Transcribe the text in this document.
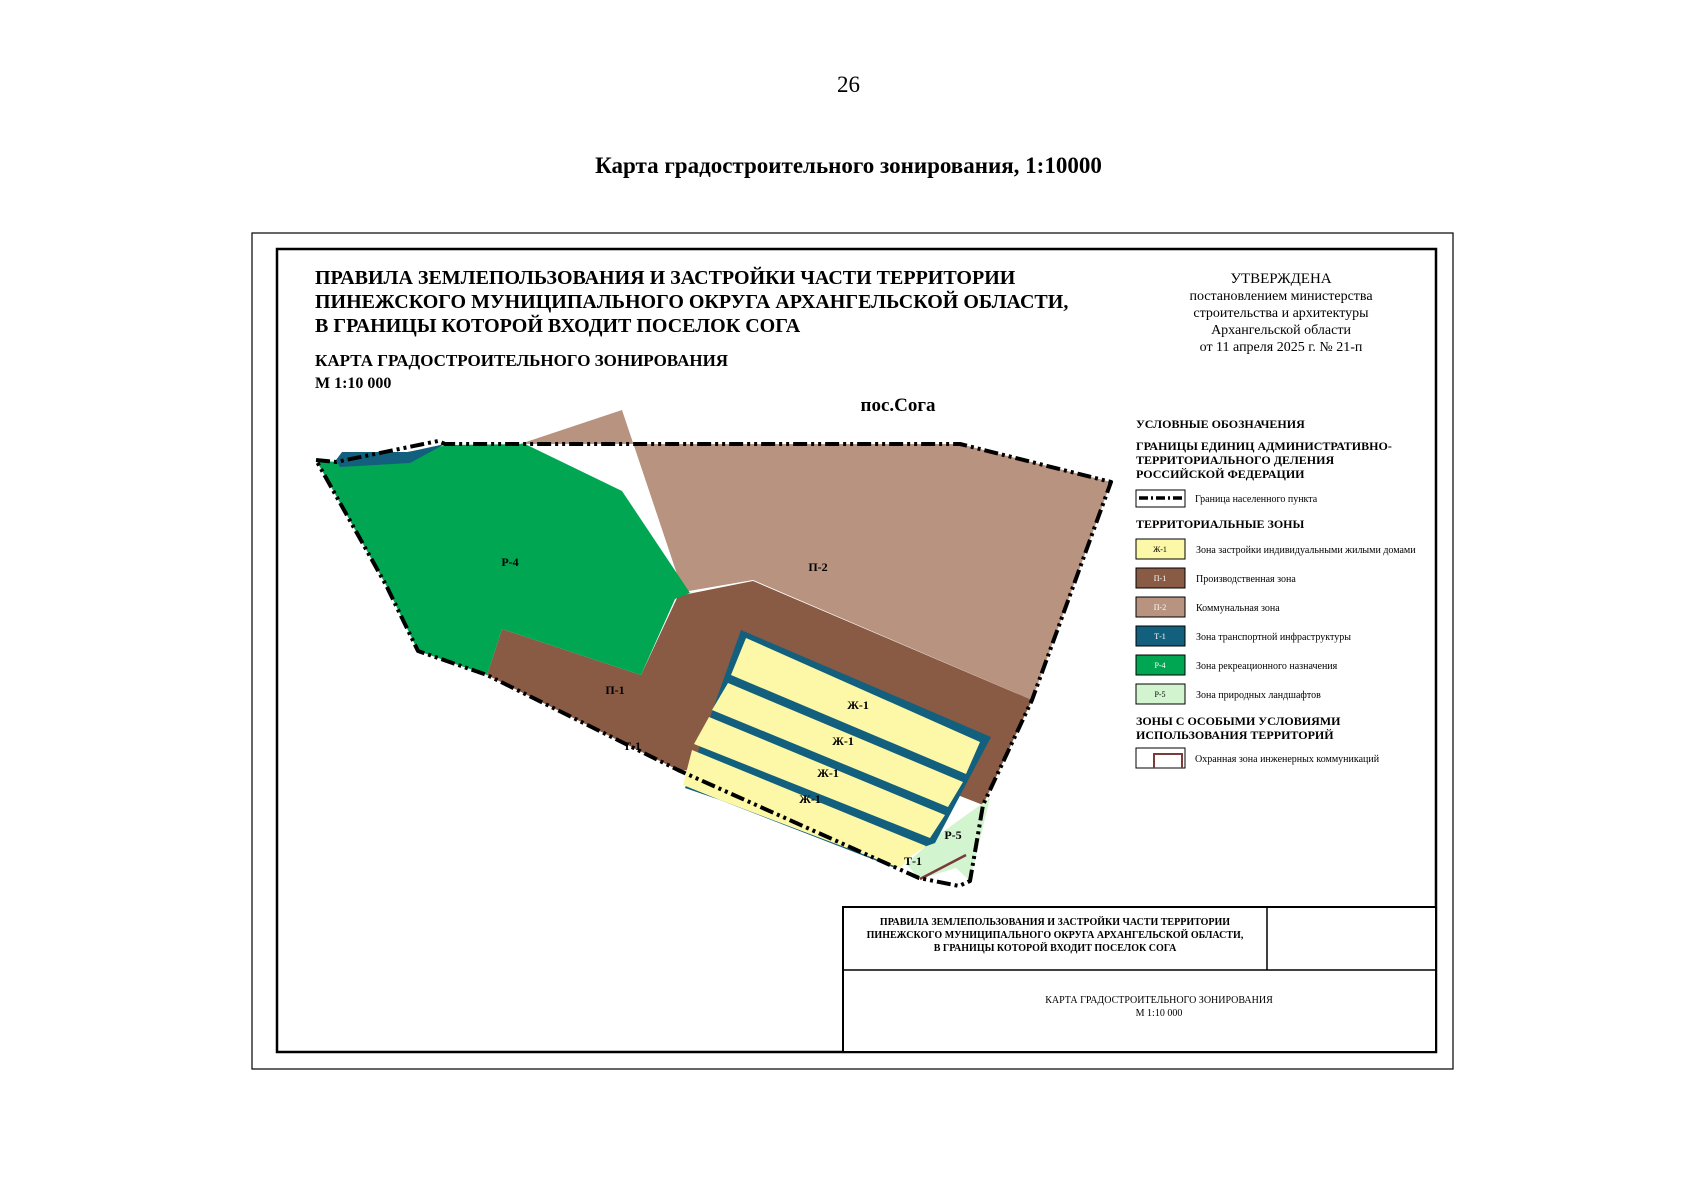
26
Карта градостроительного зонирования, 1:10000
ПРАВИЛА ЗЕМЛЕПОЛЬЗОВАНИЯ И ЗАСТРОЙКИ ЧАСТИ ТЕРРИТОРИИ
ПИНЕЖСКОГО МУНИЦИПАЛЬНОГО ОКРУГА АРХАНГЕЛЬСКОЙ ОБЛАСТИ,
В ГРАНИЦЫ КОТОРОЙ ВХОДИТ ПОСЕЛОК СОГА
КАРТА ГРАДОСТРОИТЕЛЬНОГО ЗОНИРОВАНИЯ
М 1:10 000
УТВЕРЖДЕНА
постановлением министерства
строительства и архитектуры
Архангельской области
от 11 апреля 2025 г. № 21-п
пос.Сога
Р-4	П-2
П-1
Т-1
Ж-1
Ж-1
Ж-1
Ж-1
Р-5
Т-1
УСЛОВНЫЕ ОБОЗНАЧЕНИЯ
ГРАНИЦЫ ЕДИНИЦ АДМИНИСТРАТИВНО-
ТЕРРИТОРИАЛЬНОГО ДЕЛЕНИЯ
РОССИЙСКОЙ ФЕДЕРАЦИИ
Граница населенного пункта
ТЕРРИТОРИАЛЬНЫЕ ЗОНЫ
Ж-1	Зона застройки индивидуальными жилыми домами
П-1	Производственная зона
П-2	Коммунальная зона
Т-1	Зона транспортной инфраструктуры
Р-4	Зона рекреационного назначения
Р-5	Зона природных ландшафтов
ЗОНЫ С ОСОБЫМИ УСЛОВИЯМИ
ИСПОЛЬЗОВАНИЯ ТЕРРИТОРИЙ
Охранная зона инженерных коммуникаций
ПРАВИЛА ЗЕМЛЕПОЛЬЗОВАНИЯ И ЗАСТРОЙКИ ЧАСТИ ТЕРРИТОРИИ
ПИНЕЖСКОГО МУНИЦИПАЛЬНОГО ОКРУГА АРХАНГЕЛЬСКОЙ ОБЛАСТИ,
В ГРАНИЦЫ КОТОРОЙ ВХОДИТ ПОСЕЛОК СОГА
КАРТА ГРАДОСТРОИТЕЛЬНОГО ЗОНИРОВАНИЯ
М 1:10 000
